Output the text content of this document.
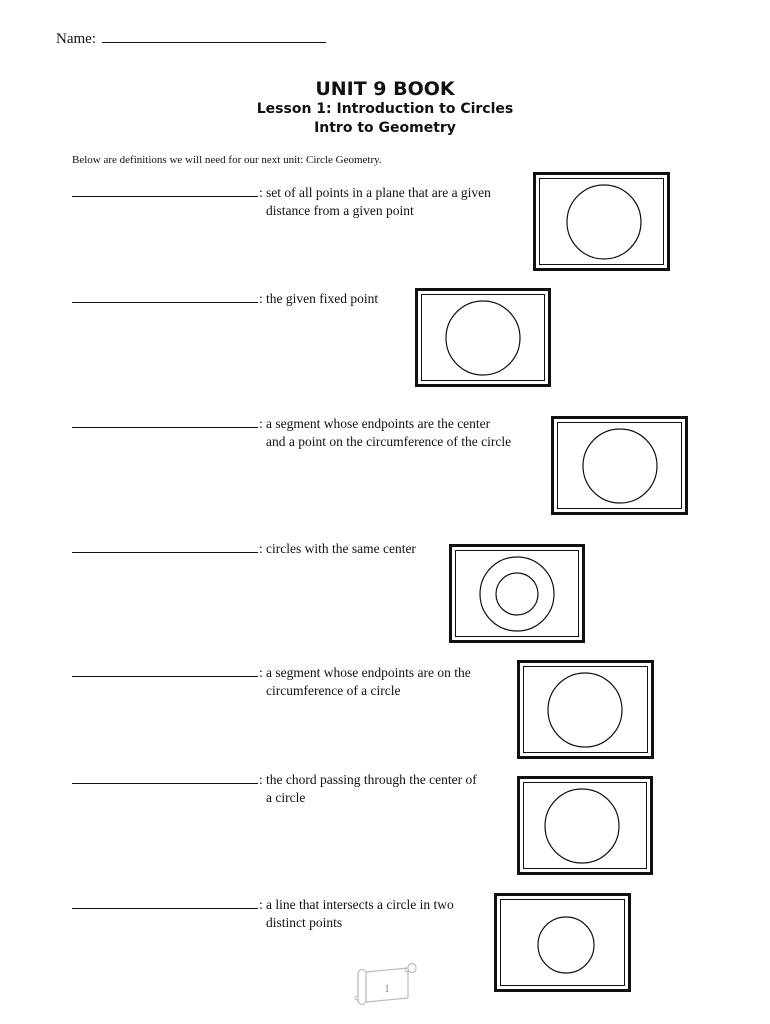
Name:
UNIT 9 BOOK
Lesson 1: Introduction to Circles
Intro to Geometry
Below are definitions we will need for our next unit: Circle Geometry.
: set of all points in a plane that are a given
distance from a given point
: the given fixed point
: a segment whose endpoints are the center
and a point on the circumference of the circle
: circles with the same center
: a segment whose endpoints are on the
circumference of a circle
: the chord passing through the center of
a circle
: a line that intersects a circle in two
distinct points
1
